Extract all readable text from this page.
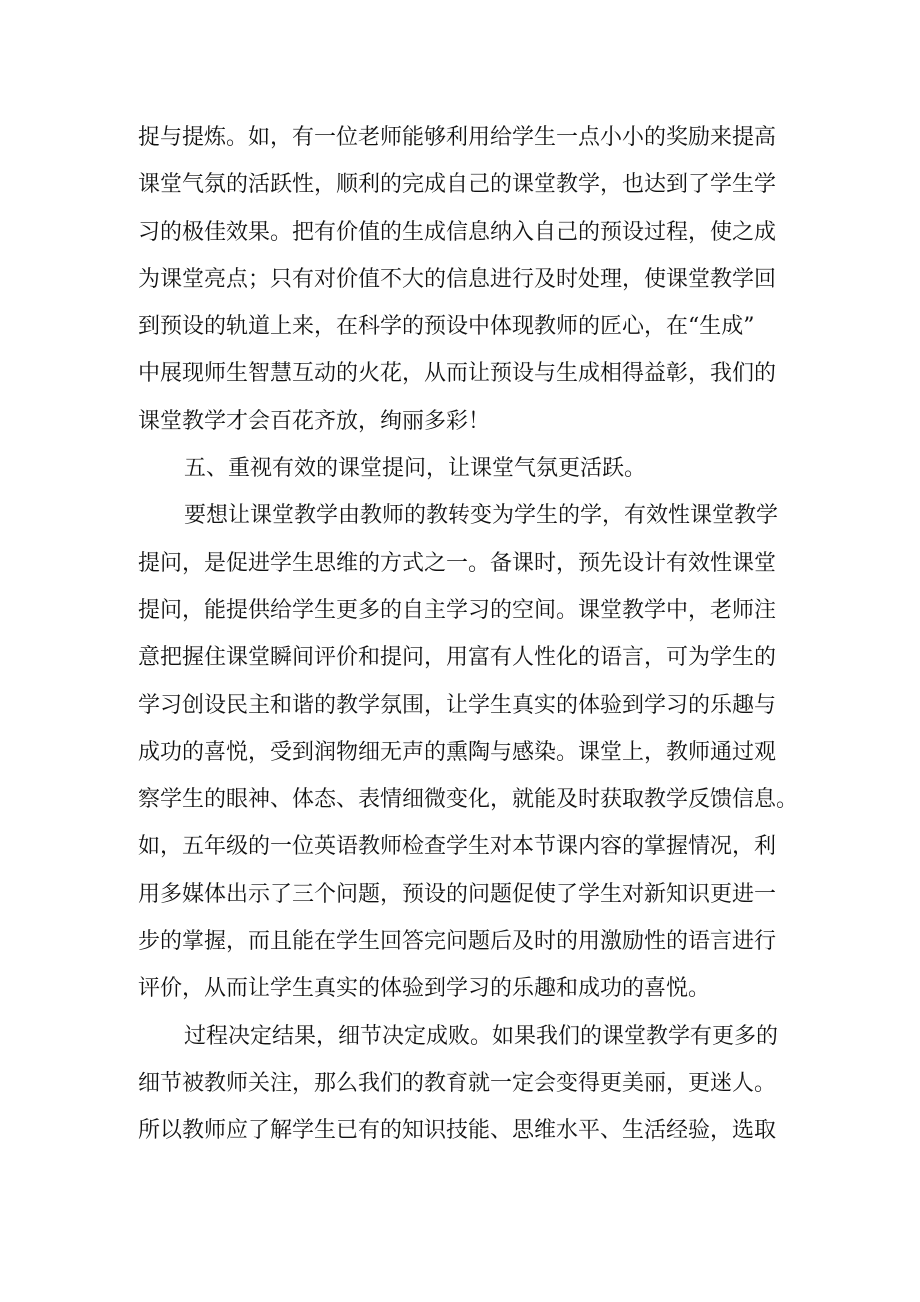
捉与提炼。如，有一位老师能够利用给学生一点小小的奖励来提高
课堂气氛的活跃性，顺利的完成自己的课堂教学，也达到了学生学
习的极佳效果。把有价值的生成信息纳入自己的预设过程，使之成
为课堂亮点；只有对价值不大的信息进行及时处理，使课堂教学回
到预设的轨道上来，在科学的预设中体现教师的匠心，在“生成”
中展现师生智慧互动的火花，从而让预设与生成相得益彰，我们的
课堂教学才会百花齐放，绚丽多彩！
五、重视有效的课堂提问，让课堂气氛更活跃。
要想让课堂教学由教师的教转变为学生的学，有效性课堂教学
提问，是促进学生思维的方式之一。备课时，预先设计有效性课堂
提问，能提供给学生更多的自主学习的空间。课堂教学中，老师注
意把握住课堂瞬间评价和提问，用富有人性化的语言，可为学生的
学习创设民主和谐的教学氛围，让学生真实的体验到学习的乐趣与
成功的喜悦，受到润物细无声的熏陶与感染。课堂上，教师通过观
察学生的眼神、体态、表情细微变化，就能及时获取教学反馈信息。
如，五年级的一位英语教师检查学生对本节课内容的掌握情况，利
用多媒体出示了三个问题，预设的问题促使了学生对新知识更进一
步的掌握，而且能在学生回答完问题后及时的用激励性的语言进行
评价，从而让学生真实的体验到学习的乐趣和成功的喜悦。
过程决定结果，细节决定成败。如果我们的课堂教学有更多的
细节被教师关注，那么我们的教育就一定会变得更美丽，更迷人。
所以教师应了解学生已有的知识技能、思维水平、生活经验，选取
